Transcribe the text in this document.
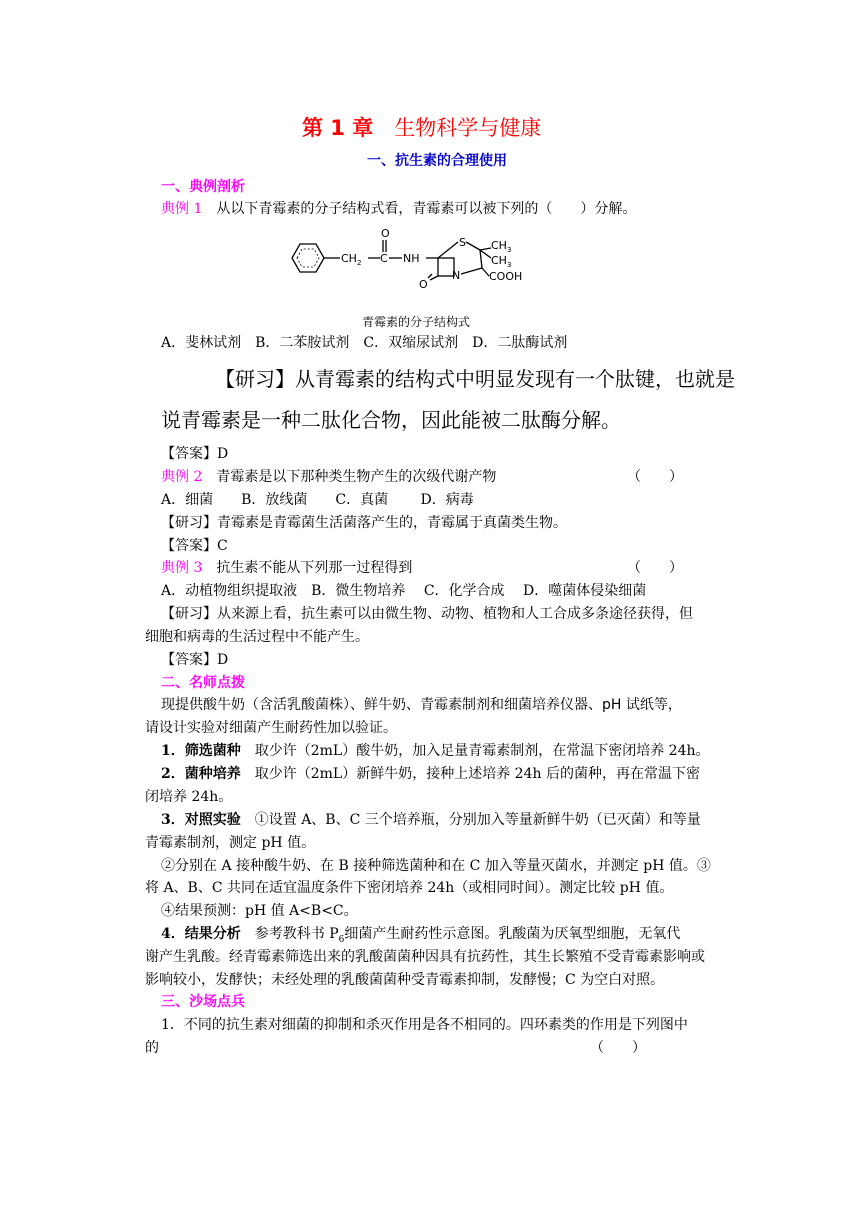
第 1 章　 生物科学与健康
一、抗生素的合理使用
一、典例剖析
典例 1　 从以下青霉素的分子结构式看，青霉素可以被下列的（　　）分解。
$CH_2$ C
O
NH
S $CH_3$
$CH_3$
N	COOH
O
青霉素的分子结构式
A．斐林试剂　B．二苯胺试剂　C．双缩尿试剂　D．二肽酶试剂
【研习】从青霉素的结构式中明显发现有一个肽键，也就是
说青霉素是一种二肽化合物，因此能被二肽酶分解。
【答案】D
典例 2　 青霉素是以下那种类生物产生的次级代谢产物	（　　）
A．细菌　　B．放线菌　　C．真菌　　 D．病毒
【研习】青霉素是青霉菌生活菌落产生的，青霉属于真菌类生物。
【答案】C
典例 3　 抗生素不能从下列那一过程得到	（　　）
A．动植物组织提取液　B．微生物培养　 C．化学合成　 D．噬菌体侵染细菌
【研习】从来源上看，抗生素可以由微生物、动物、植物和人工合成多条途径获得，但
细胞和病毒的生活过程中不能产生。
【答案】D
二、名师点拨
现提供酸牛奶（含活乳酸菌株）、鲜牛奶、青霉素制剂和细菌培养仪器、pH 试纸等，
请设计实验对细菌产生耐药性加以验证。
1．筛选菌种　取少许（2mL）酸牛奶，加入足量青霉素制剂，在常温下密闭培养 24h。
2．菌种培养　取少许（2mL）新鲜牛奶，接种上述培养 24h 后的菌种，再在常温下密
闭培养 24h。
3．对照实验　①设置 A、B、C 三个培养瓶，分别加入等量新鲜牛奶（已灭菌）和等量
青霉素制剂，测定 pH 值。
②分别在 A 接种酸牛奶、在 B 接种筛选菌种和在 C 加入等量灭菌水，并测定 pH 值。③
将 A、B、C 共同在适宜温度条件下密闭培养 24h（或相同时间）。测定比较 pH 值。
④结果预测：pH 值 A<B<C。
4．结果分析　参考教科书 $P_6$细菌产生耐药性示意图。乳酸菌为厌氧型细胞，无氧代
谢产生乳酸。经青霉素筛选出来的乳酸菌菌种因具有抗药性，其生长繁殖不受青霉素影响或
影响较小，发酵快；未经处理的乳酸菌菌种受青霉素抑制，发酵慢；C 为空白对照。
三、沙场点兵
1．不同的抗生素对细菌的抑制和杀灭作用是各不相同的。四环素类的作用是下列图中
的	（　　）
